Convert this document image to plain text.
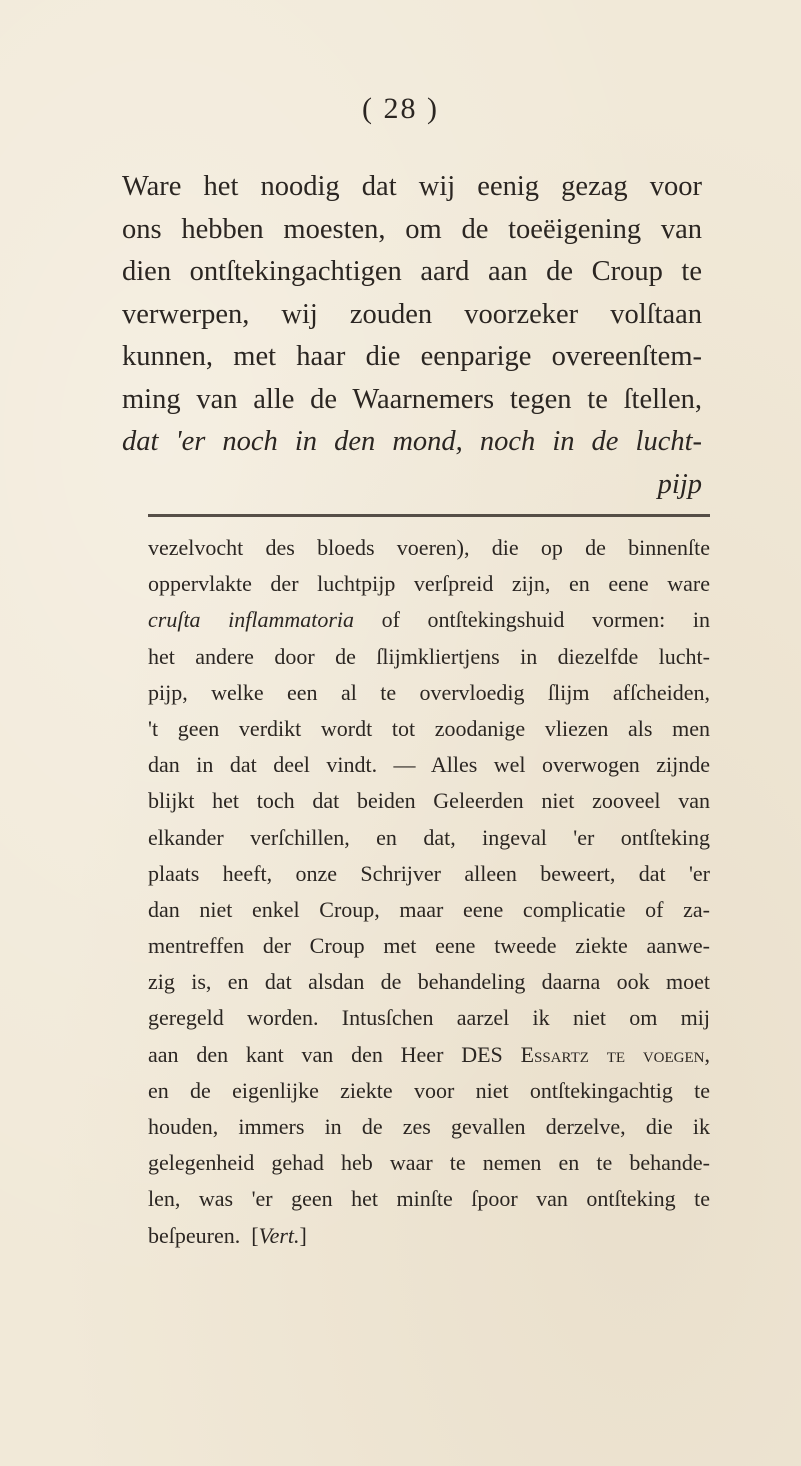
( 28 )
Ware het noodig dat wij eenig gezag voor
ons hebben moesten, om de toeëigening van
dien ontſtekingachtigen aard aan de Croup te
verwerpen, wij zouden voorzeker volſtaan
kunnen, met haar die eenparige overeenſtem-
ming van alle de Waarnemers tegen te ſtellen,
dat 'er noch in den mond, noch in de lucht-
pijp
vezelvocht des bloeds voeren), die op de binnenſte
oppervlakte der luchtpijp verſpreid zijn, en eene ware
cruſta inflammatoria of ontſtekingshuid vormen: in
het andere door de ſlijmkliertjens in diezelfde lucht-
pijp, welke een al te overvloedig ſlijm afſcheiden,
't geen verdikt wordt tot zoodanige vliezen als men
dan in dat deel vindt. — Alles wel overwogen zijnde
blijkt het toch dat beiden Geleerden niet zooveel van
elkander verſchillen, en dat, ingeval 'er ontſteking
plaats heeft, onze Schrijver alleen beweert, dat 'er
dan niet enkel Croup, maar eene complicatie of za-
mentreffen der Croup met eene tweede ziekte aanwe-
zig is, en dat alsdan de behandeling daarna ook moet
geregeld worden. Intusſchen aarzel ik niet om mij
aan den kant van den Heer DES Essartz te voegen,
en de eigenlijke ziekte voor niet ontſtekingachtig te
houden, immers in de zes gevallen derzelve, die ik
gelegenheid gehad heb waar te nemen en te behande-
len, was 'er geen het minſte ſpoor van ontſteking te
beſpeuren. [Vert.]
